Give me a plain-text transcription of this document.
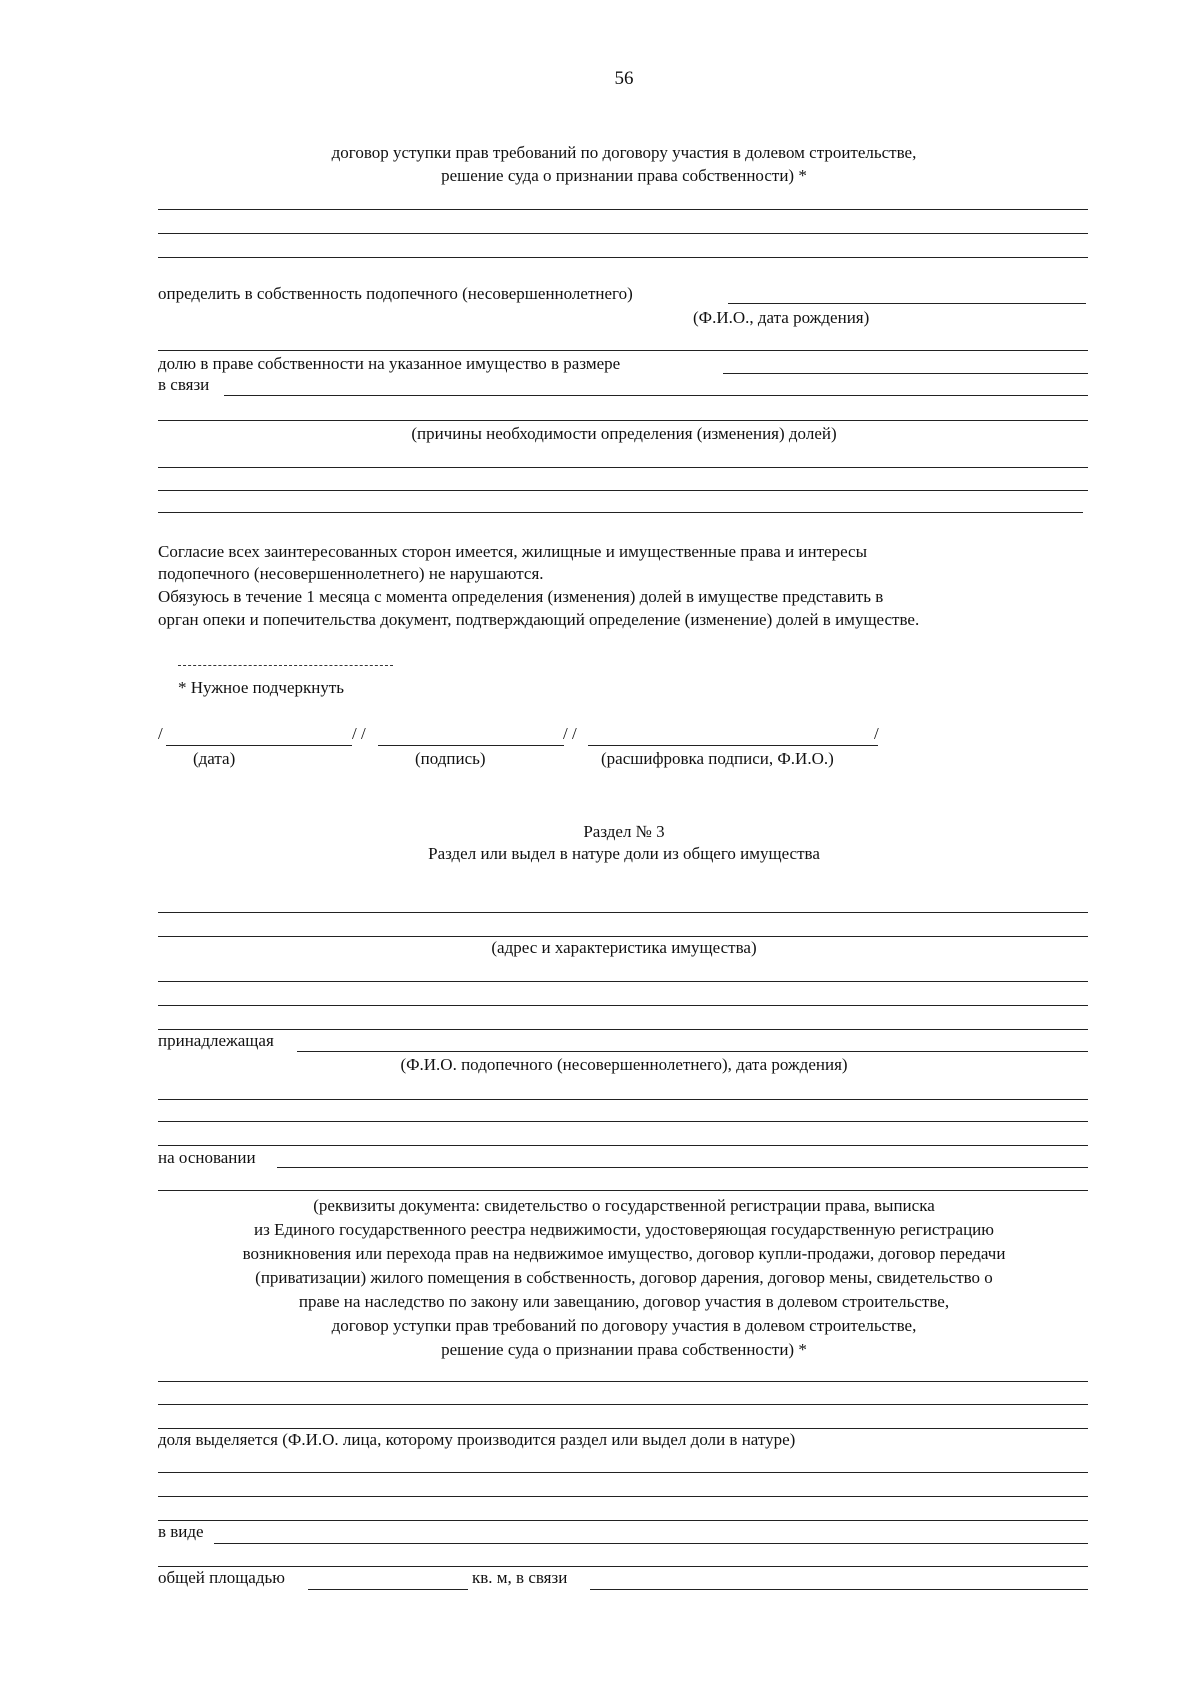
56
договор уступки прав требований по договору участия в долевом строительстве,
решение суда о признании права собственности) *
определить в собственность подопечного (несовершеннолетнего)
(Ф.И.О., дата рождения)
долю в праве собственности на указанное имущество в размере
в связи
(причины необходимости определения (изменения) долей)
Согласие всех заинтересованных сторон имеется, жилищные и имущественные права и интересы
подопечного (несовершеннолетнего) не нарушаются.
Обязуюсь в течение 1 месяца с момента определения (изменения) долей в имуществе представить в
орган опеки и попечительства документ, подтверждающий определение (изменение) долей в имуществе.
* Нужное подчеркнуть
/	/ /	/ /	/
(дата)	(подпись)	(расшифровка подписи, Ф.И.О.)
Раздел № 3
Раздел или выдел в натуре доли из общего имущества
(адрес и характеристика имущества)
принадлежащая
(Ф.И.О. подопечного (несовершеннолетнего), дата рождения)
на основании
(реквизиты документа: свидетельство о государственной регистрации права, выписка
из Единого государственного реестра недвижимости, удостоверяющая государственную регистрацию
возникновения или перехода прав на недвижимое имущество, договор купли-продажи, договор передачи
(приватизации) жилого помещения в собственность, договор дарения, договор мены, свидетельство о
праве на наследство по закону или завещанию, договор участия в долевом строительстве,
договор уступки прав требований по договору участия в долевом строительстве,
решение суда о признании права собственности) *
доля выделяется (Ф.И.О. лица, которому производится раздел или выдел доли в натуре)
в виде
общей площадью	кв. м, в связи
